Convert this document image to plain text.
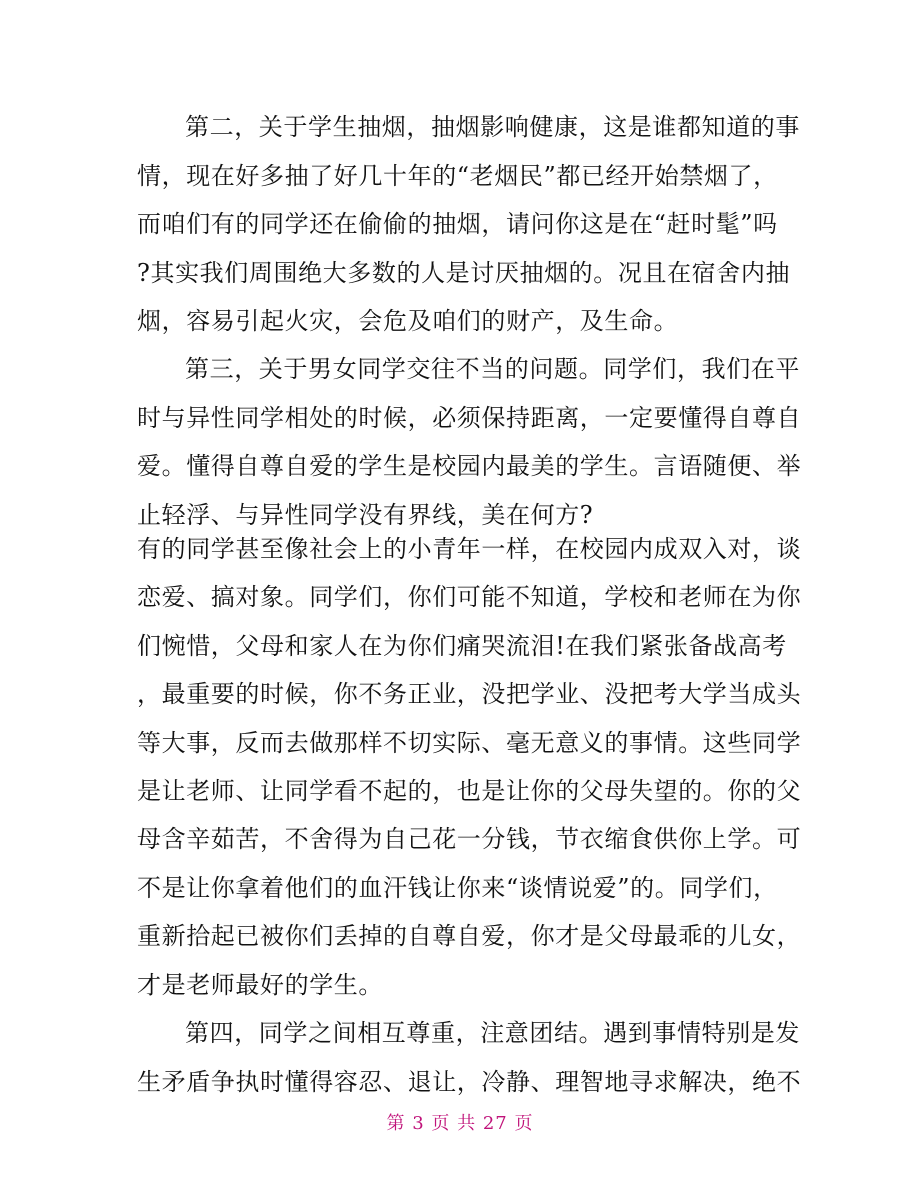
第二，关于学生抽烟，抽烟影响健康，这是谁都知道的事
情，现在好多抽了好几十年的“老烟民”都已经开始禁烟了，
而咱们有的同学还在偷偷的抽烟，请问你这是在“赶时髦”吗
?其实我们周围绝大多数的人是讨厌抽烟的。况且在宿舍内抽
烟，容易引起火灾，会危及咱们的财产，及生命。
第三，关于男女同学交往不当的问题。同学们，我们在平
时与异性同学相处的时候，必须保持距离，一定要懂得自尊自
爱。懂得自尊自爱的学生是校园内最美的学生。言语随便、举
止轻浮、与异性同学没有界线，美在何方?
有的同学甚至像社会上的小青年一样，在校园内成双入对，谈
恋爱、搞对象。同学们，你们可能不知道，学校和老师在为你
们惋惜，父母和家人在为你们痛哭流泪!在我们紧张备战高考
，最重要的时候，你不务正业，没把学业、没把考大学当成头
等大事，反而去做那样不切实际、毫无意义的事情。这些同学
是让老师、让同学看不起的，也是让你的父母失望的。你的父
母含辛茹苦，不舍得为自己花一分钱，节衣缩食供你上学。可
不是让你拿着他们的血汗钱让你来“谈情说爱”的。同学们，
重新拾起已被你们丢掉的自尊自爱，你才是父母最乖的儿女，
才是老师最好的学生。
第四，同学之间相互尊重，注意团结。遇到事情特别是发
生矛盾争执时懂得容忍、退让，冷静、理智地寻求解决，绝不
第 3 页 共 27 页
